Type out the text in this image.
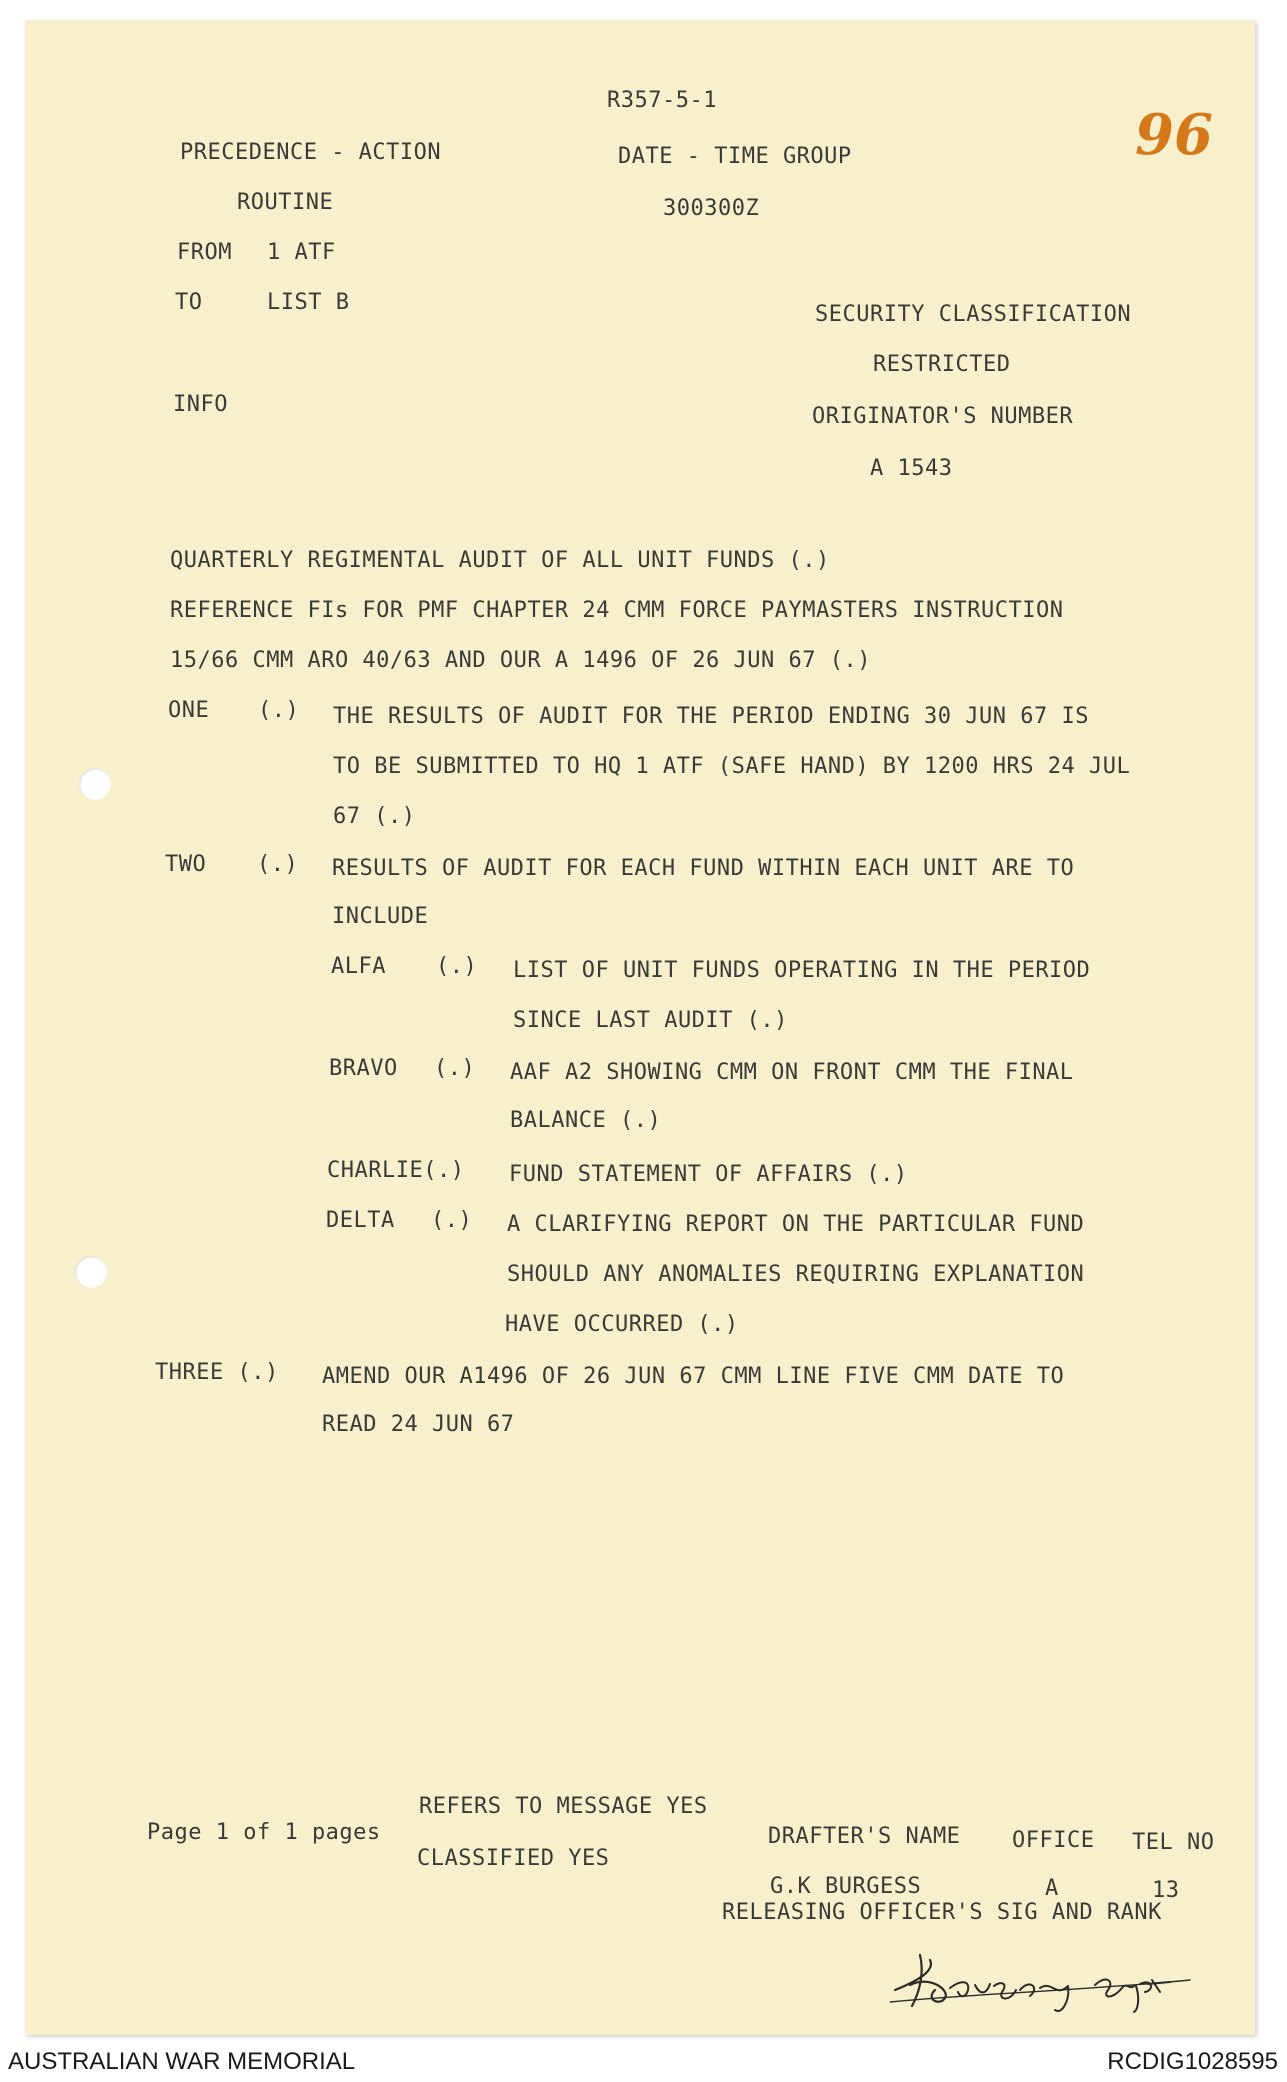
96
R357-5-1
PRECEDENCE - ACTION
ROUTINE
FROM 1 ATF
TO	LIST B
INFO
DATE - TIME GROUP
300300Z
SECURITY CLASSIFICATION
RESTRICTED
ORIGINATOR'S NUMBER
A 1543
QUARTERLY REGIMENTAL AUDIT OF ALL UNIT FUNDS (.)
REFERENCE FIs FOR PMF CHAPTER 24 CMM FORCE PAYMASTERS INSTRUCTION
15/66 CMM ARO 40/63 AND OUR A 1496 OF 26 JUN 67 (.)
ONE (.) THE RESULTS OF AUDIT FOR THE PERIOD ENDING 30 JUN 67 IS
TO BE SUBMITTED TO HQ 1 ATF (SAFE HAND) BY 1200 HRS 24 JUL
67 (.)
TWO (.) RESULTS OF AUDIT FOR EACH FUND WITHIN EACH UNIT ARE TO
INCLUDE
ALFA (.) LIST OF UNIT FUNDS OPERATING IN THE PERIOD
SINCE LAST AUDIT (.)
BRAVO (.) AAF A2 SHOWING CMM ON FRONT CMM THE FINAL
BALANCE (.)
CHARLIE(.) FUND STATEMENT OF AFFAIRS (.)
DELTA (.) A CLARIFYING REPORT ON THE PARTICULAR FUND
SHOULD ANY ANOMALIES REQUIRING EXPLANATION
HAVE OCCURRED (.)
THREE (.) AMEND OUR A1496 OF 26 JUN 67 CMM LINE FIVE CMM DATE TO
READ 24 JUN 67
Page 1 of 1 pages
REFERS TO MESSAGE YES
CLASSIFIED YES
DRAFTER'S NAME OFFICE TEL NO
G.K BURGESS	A	13
RELEASING OFFICER'S SIG AND RANK
AUSTRALIAN WAR MEMORIAL	RCDIG1028595
